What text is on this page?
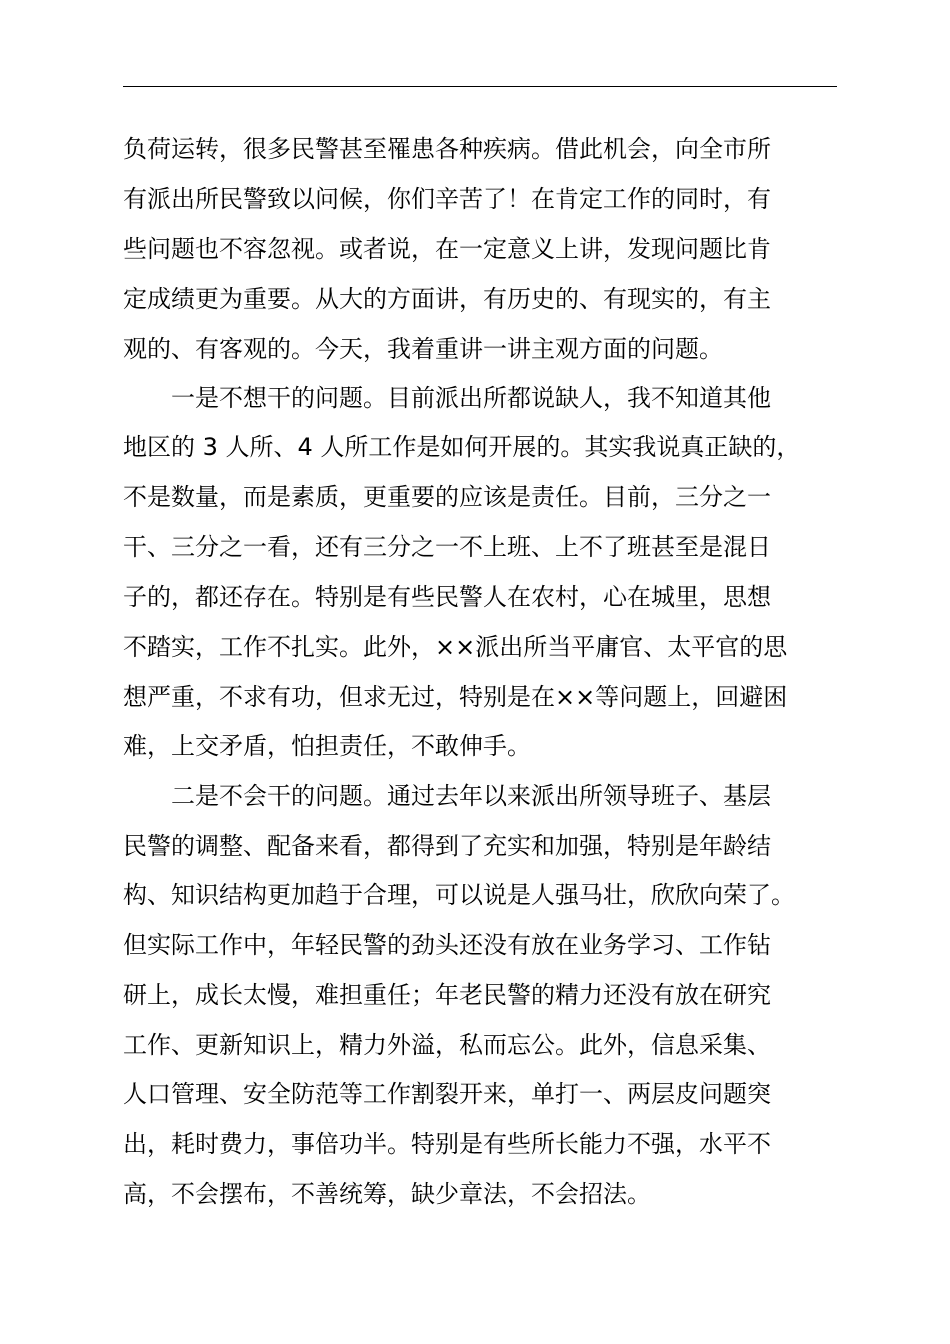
负荷运转，很多民警甚至罹患各种疾病。借此机会，向全市所
有派出所民警致以问候，你们辛苦了！在肯定工作的同时，有
些问题也不容忽视。或者说，在一定意义上讲，发现问题比肯
定成绩更为重要。从大的方面讲，有历史的、有现实的，有主
观的、有客观的。今天，我着重讲一讲主观方面的问题。
一是不想干的问题。目前派出所都说缺人，我不知道其他
地区的 3 人所、4 人所工作是如何开展的。其实我说真正缺的，
不是数量，而是素质，更重要的应该是责任。目前，三分之一
干、三分之一看，还有三分之一不上班、上不了班甚至是混日
子的，都还存在。特别是有些民警人在农村，心在城里，思想
不踏实，工作不扎实。此外，××派出所当平庸官、太平官的思
想严重，不求有功，但求无过，特别是在××等问题上，回避困
难，上交矛盾，怕担责任，不敢伸手。
二是不会干的问题。通过去年以来派出所领导班子、基层
民警的调整、配备来看，都得到了充实和加强，特别是年龄结
构、知识结构更加趋于合理，可以说是人强马壮，欣欣向荣了。
但实际工作中，年轻民警的劲头还没有放在业务学习、工作钻
研上，成长太慢，难担重任；年老民警的精力还没有放在研究
工作、更新知识上，精力外溢，私而忘公。此外，信息采集、
人口管理、安全防范等工作割裂开来，单打一、两层皮问题突
出，耗时费力，事倍功半。特别是有些所长能力不强，水平不
高，不会摆布，不善统筹，缺少章法，不会招法。
